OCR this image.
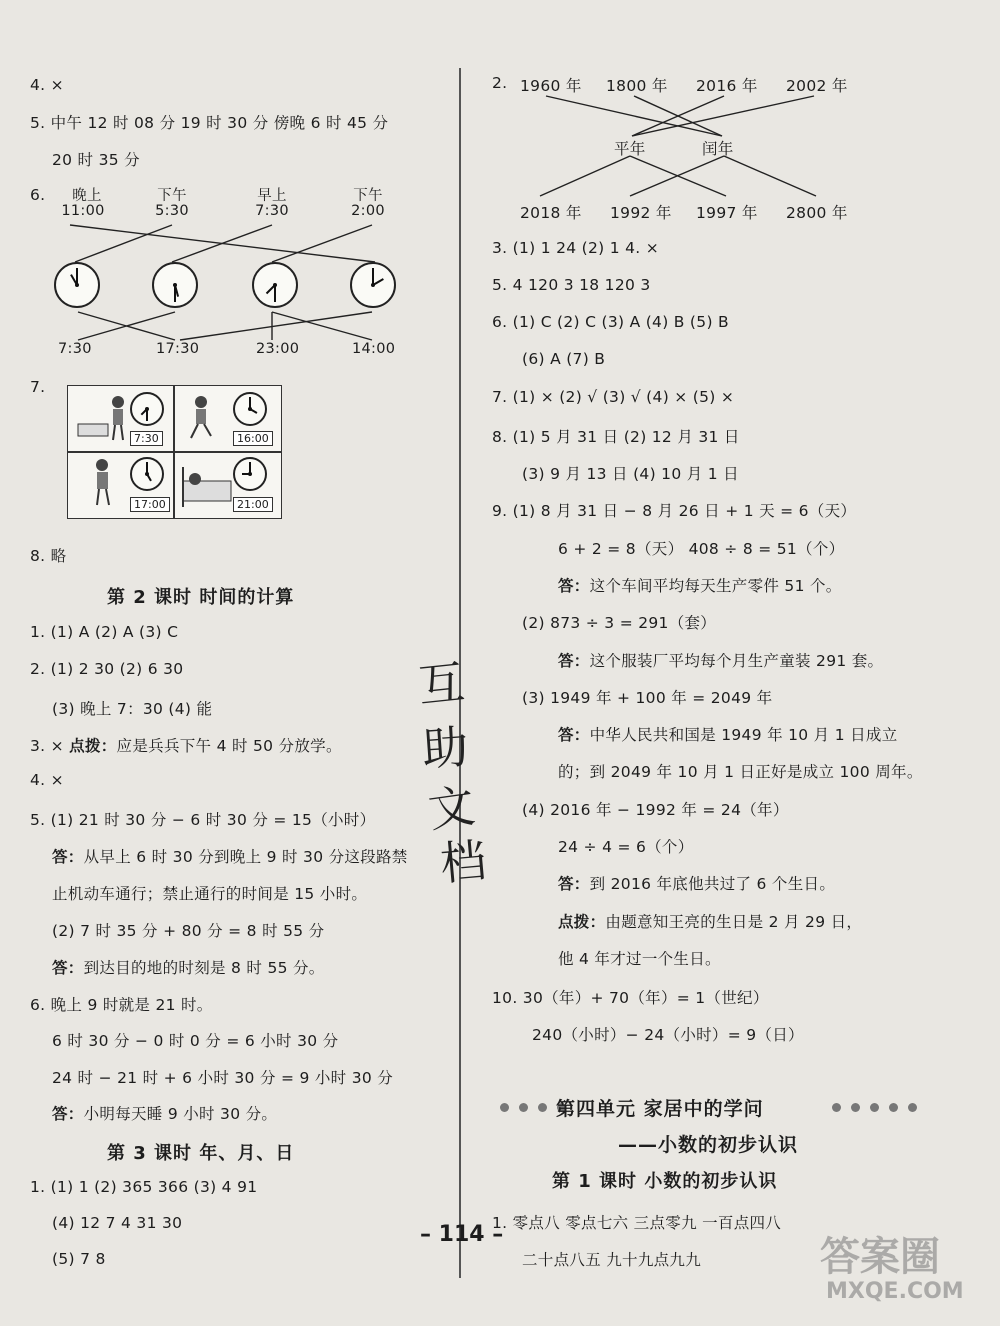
4. ×
5. 中午 12 时 08 分 19 时 30 分 傍晚 6 时 45 分
20 时 35 分
6.	晚上
11:00
下午
5:30
早上
7:30
下午
2:00
7:30	17:30	23:00	14:00
7.
7:30	16:00
17:00	21:00
8. 略
第 2 课时 时间的计算
1. (1) A (2) A (3) C
2. (1) 2 30 (2) 6 30
(3) 晚上 7：30 (4) 能
3. × 点拨：应是兵兵下午 4 时 50 分放学。
4. ×
5. (1) 21 时 30 分 − 6 时 30 分 = 15（小时）
答：从早上 6 时 30 分到晚上 9 时 30 分这段路禁
止机动车通行；禁止通行的时间是 15 小时。
(2) 7 时 35 分 + 80 分 = 8 时 55 分
答：到达目的地的时刻是 8 时 55 分。
6. 晚上 9 时就是 21 时。
6 时 30 分 − 0 时 0 分 = 6 小时 30 分
24 时 − 21 时 + 6 小时 30 分 = 9 小时 30 分
答：小明每天睡 9 小时 30 分。
第 3 课时 年、月、日
1. (1) 1 (2) 365 366 (3) 4 91
(4) 12 7 4 31 30
(5) 7 8
互
助
文
档
2. 1960 年 1800 年 2016 年 2002 年
平年	闰年
2018 年 1992 年 1997 年 2800 年
3. (1) 1 24 (2) 1 4. ×
5. 4 120 3 18 120 3
6. (1) C (2) C (3) A (4) B (5) B
(6) A (7) B
7. (1) × (2) √ (3) √ (4) × (5) ×
8. (1) 5 月 31 日 (2) 12 月 31 日
(3) 9 月 13 日 (4) 10 月 1 日
9. (1) 8 月 31 日 − 8 月 26 日 + 1 天 = 6（天）
6 + 2 = 8（天） 408 ÷ 8 = 51（个）
答：这个车间平均每天生产零件 51 个。
(2) 873 ÷ 3 = 291（套）
答：这个服装厂平均每个月生产童装 291 套。
(3) 1949 年 + 100 年 = 2049 年
答：中华人民共和国是 1949 年 10 月 1 日成立
的；到 2049 年 10 月 1 日正好是成立 100 周年。
(4) 2016 年 − 1992 年 = 24（年）
24 ÷ 4 = 6（个）
答：到 2016 年底他共过了 6 个生日。
点拨：由题意知王亮的生日是 2 月 29 日，
他 4 年才过一个生日。
10. 30（年）+ 70（年）= 1（世纪）
240（小时）− 24（小时）= 9（日）
第四单元 家居中的学问
——小数的初步认识
第 1 课时 小数的初步认识
1. 零点八 零点七六 三点零九 一百点四八
二十点八五 九十九点九九
– 114 –	答案圈
MXQE.COM
